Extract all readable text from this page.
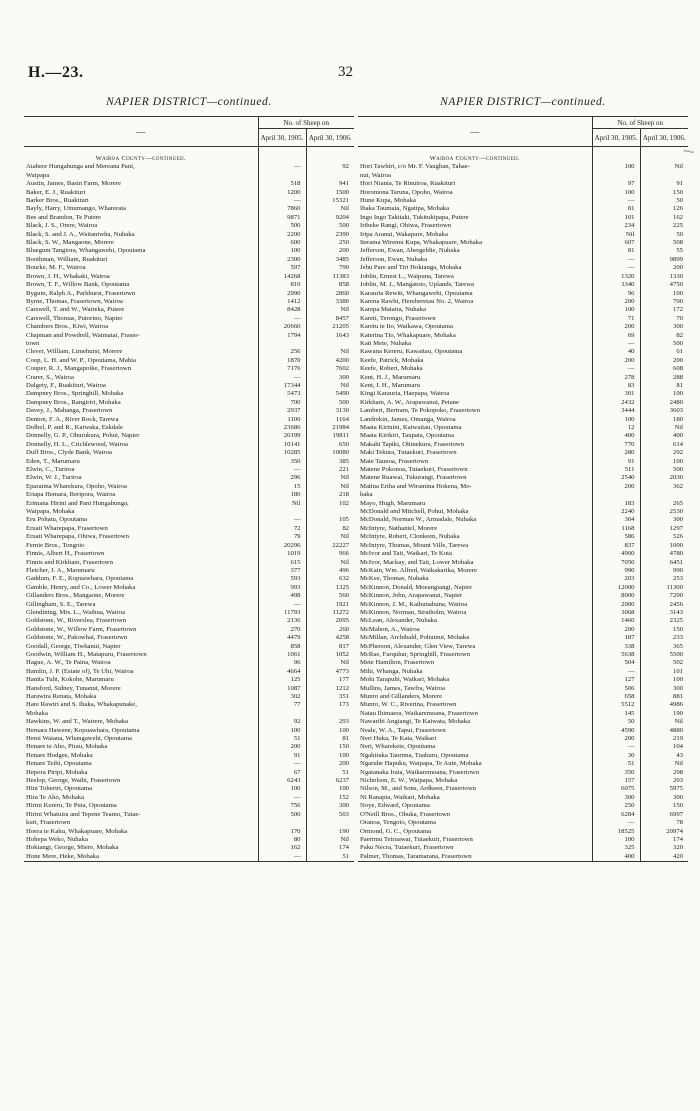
H.—23.	32
~-
NAPIER DISTRICT—continued.
—	No. of Sheep on	
	April 30, 1905.	April 30, 1906.

Wairoa County—continued.		
Atahere Hungahunga and Mereana Pani,	—	92
Waipapa		
Austin, James, Basin Farm, Morere	518	941
Baker, E. J., Ruakituri	1200	1500
Barker Bros., Ruakituri	—	15321
Bayly, Harry, Umumango, Wharerata	7860	Nil
Bee and Brandon, Te Putere	9871	9204
Black, J. S., Orere, Wairoa	500	500
Black, S. and J. A., Waitaniwha, Nuhaka	2200	2390
Black, S. W., Mangaone, Morere	600	250
Bluegum Tangiora, Whangawehi, Opoutama	100	200
Boothman, William, Ruakituri	2300	3485
Bourke, M. F., Wairoa	597	790
Brown, J. H., Whakaki, Wairoa	14268	11383
Brown, T. F., Willow Bank, Opoutama	810	858
Bygum, Ralph A., Parkhurst, Frasertown	2990	2860
Byrne, Thomas, Frasertown, Wairoa	1412	3380
Carswell, T. and W., Waireka, Putere	8428	Nil
Carswell, Thomas, Putorino, Napier	—	8457
Chambers Bros., Kiwi, Wairoa	20660	21205
Chapman and Powdrell, Waimatai, Fraser-	1794	1643
town		
Clever, William, Limehurst, Morere	256	Nil
Coop, L. H. and W. P., Opoutama, Mahia	1870	4200
Couper, R. J., Mangapoike, Frasertown	7176	7602
Crarer, S., Wairoa	—	300
Dalgety, F., Ruakituri, Wairoa	17344	Nil
Dampney Bros., Springhill, Mohaka	5473	5490
Dampney Bros., Rangiriri, Mohaka	700	500
Davey, J., Mahanga, Frasertown	2937	3130
Denton, F. A., River Rock, Tarewa	1100	1164
Dolbel, P. and R., Kaiwaka, Eskdale	23686	21984
Donnelly, G. P., Ohurukura, Pohui, Napier	20199	19811
Donnelly, H. L., Crichlewood, Wairoa	10141	650
Duff Bros., Clyde Bank, Wairoa	10285	10080
Eden, T., Marumaru	350	385
Elwin, C., Turiroa	—	221
Elwin, W. J., Turiroa	296	Nil
Eparaima Wharekura, Opoho, Wairoa	15	Nil
Eriapa Hemara, Reripora, Wairoa	180	218
Erimana Hirini and Pani Hungahunga,	Nil	102
Waipapa, Mohaka		
Eru Pohatu, Opoutama	—	105
Eruati Wharepapa, Frasertown	72	82
Eruati Wharepapa, Ohiwa, Frasertown	79	Nil
Fernie Bros., Tongoio	20296	22227
Finnis, Albert H., Frasertown	1019	966
Finnis and Kirkham, Frasertown	615	Nil
Fletcher, J. A., Marumaru	377	496
Gaddum, F. E., Kopuawhara, Opoutama	593	632
Gamble, Henry, and Co., Lower Mohaka	993	1325
Gillanders Bros., Mangaone, Morere	498	560
Gillingham, S. E., Tarewa	—	1921
Glendining, Mrs. L., Waihua, Wairoa	11793	11272
Goldstone, W., Riverslea, Frasertown	2136	2095
Goldstone, W., Willow Farm, Frasertown	270	260
Goldstone, W., Pakowhai, Frasertown	4479	4258
Goodall, George, Tiwhanui, Napier	858	817
Goodwin, William H., Matapuru, Frasertown	1061	1052
Hague, A. W., Te Paina, Wairoa	96	Nil
Hamlin, J. P. (Estate of), Te Uhi, Wairoa	4664	4773
Hanita Tuhi, Kokohe, Marumaru	125	177
Hansford, Sidney, Tunanui, Morere	1087	1212
Harawira Renata, Mohaka	302	351
Hare Rawiri and S. Ihaka, Whakapunake,	77	173
Mohaka		
Hawkins, W. and T., Wairere, Mohaka	92	293
Hemara Hawene, Kopuawhara, Opoutama	100	100
Hemi Waiana, Whangawehi, Opoutama	51	81
Henare te Aho, Pirau, Mohaka	200	150
Henare Hodges, Mohaka	91	100
Henare Teihi, Opoutama	—	200
Hepora Piripi, Mohaka	67	51
Heslop, George, Waihi, Frasertown	6243	6237
Hini Toheriri, Opoutama	100	100
Hira Te Aho, Mohaka	—	152
Hirini Kereru, Te Puia, Opoutama	756	300
Hirini Whatuira and Tepene Teamo, Tutae-	500	503
kuri, Frasertown		
Hoera te Kahu, Whakapuare, Mohaka	170	190
Hohepa Weko, Nuhaka	80	Nil
Hokiangi, George, Miere, Mohaka	162	174
Hone Mere, Heke, Mohaka	—	51
NAPIER DISTRICT—continued.
—	No. of Sheep on	
	April 30, 1905.	April 30, 1906.

Wairoa County—continued.		
Hori Tawhiri, c/o Mr. F. Vaughan, Tahae-	100	Nil
nui, Wairoa		
Hori Niania, Te Rinuiroa, Ruakituri	97	91
Horomona Taruna, Opoho, Wairoa	100	150
Hune Kupa, Mohaka	—	50
Ihaka Taumata, Ngatipa, Mohaka	81	126
Ingo Ingo Takitaki, Tukitukipapa, Putere	101	162
Iriheke Rangi, Ohiwa, Frasertown	234	225
Iripa Aranui, Wakapure, Mohaka	Nil	50
Iterama Wiremu Kupa, Whakapuare, Mohaka	607	508
Jefferson, Ewan, Abergeldie, Nuhaka	81	55
Jefferson, Ewan, Nuhaka	—	9899
Jehu Pare and Tiri Hokianga, Mohaka	—	200
Joblin, Ernest L., Waipuna, Tarewa	1320	1330
Joblin, M. J., Mangatoto, Uplands, Tarewa	3340	4750
Karauria Rewiti, Whangawehi, Opoutama	96	100
Karena Rawhi, Hereheretau No. 2, Wairoa	200	700
Karepa Mataira, Nuhaka	100	172
Kareti, Terongo, Frasertown	71	70
Karetu te Ito, Waikawa, Opoutama	200	300
Katerina Tio, Whakapuare, Mohaka	69	82
Kati Mete, Nuhaka	—	500
Kawana Kereru, Kawaitau, Opoutama	40	61
Keefe, Patrick, Mohaka	200	200
Keefe, Robert, Mohaka	—	608
Kent, H. J., Marumaru	278	288
Kent, I. H., Marumaru	83	81
Kingi Karauria, Haepapa, Wairoa	301	100
Kirkham, A. W., Arapawanui, Petane	2432	2480
Lambert, Bertram, Te Pokopoko, Frasertown	3444	3603
Landrekin, James, Omanga, Wairoa	100	180
Maata Kirinini, Kaiwaitau, Opoutama	12	Nil
Maata Kirikiri, Taupata, Opoutama	400	400
Makahi Tapiki, Ohinekura, Frasertown	770	614
Maki Tekura, Tutaekuri, Frasertown	280	292
Mate Taunoa, Frasertown	91	100
Matene Pokonoa, Tutaekuri, Frasertown	511	500
Matene Ruawai, Tukurangi, Frasertown	2540	2030
Matina Eriha and Wiramina Hokena, Mo-	200	362
haka		
Mayo, Hugh, Marumaru	183	265
McDonald and Mitchell, Pohui, Mohaka	2240	2530
McDonald, Norman W., Armadale, Nuhaka	304	300
McIntyre, Nathaniel, Morere	1168	1297
McIntyre, Robert, Clonkeen, Nuhaka	586	526
McIntyre, Thomas, Mount Ville, Tarewa	837	1000
McIvor and Tait, Waikari, Te Kuta	4900	4780
McIvor, Mackay, and Tait, Lower Mohaka	7050	6451
McKain, Wm. Alfred, Waikakarika, Morere	990	990
McKee, Thomas, Nuhaka	203	253
McKinnon, Donald, Moeangiangi, Napier	12000	11300
McKinnon, John, Arapawanui, Napier	8000	7200
McKinnon, J. M., Kaihunahuna, Wairoa	2900	2456
McKinnon, Norman, Stratholm, Wairoa	3068	3143
McLean, Alexander, Nuhaka	1460	2325
McMahon, A., Wairoa	200	150
McMillan, Archibald, Pohuinui, Mohaka	187	233
McPherson, Alexander, Glen View, Tarewa	338	365
McRae, Farquhar, Springhill, Frasertown	5638	5500
Mete Hamilton, Frasertown	504	502
Mihi, Whanga, Nuhaka	—	101
Mohi Tarapuhi, Waikari, Mohaka	127	100
Mullins, James, Tawfra, Wairoa	506	300
Munro and Gillanders, Morere	658	881
Munro, W. C., Riverina, Frasertown	5512	4986
Natau Ihimaera, Waikaremoana, Frasertown	145	190
Nawaribi Angiangi, Te Kaiwata, Mohaka	50	Nil
Neale, W. A., Tapui, Frasertown	4590	4880
Neri Huka, Te Kata, Waikari	200	219
Neri, Wharekete, Opoutama	—	104
Ngahiraka Taurima, Tuahuru, Opoutama	30	43
Ngaruhe Hapuku, Waipapa, Te Aute, Mohaka	51	Nil
Ngatanaka Iraia, Waikaremoana, Frasertown	350	298
Nicholson, E. W., Waipapa, Mohaka	157	203
Nilson, M., and Sons, Ardkeen, Frasertown	6075	5975
Ni Ranapia, Waikari, Mohaka	300	300
Noye, Edward, Opoutama	250	150
O'Neill Bros., Ohuka, Frasertown	6284	6997
Oranoa, Tengoio, Opoutama	—	78
Ormond, G. C., Opoutama	18525	20974
Paerimu Teiruawai, Tutaekuri, Frasertown	100	174
Paku Necra, Tutaekuri, Frasertown	325	320
Palmer, Thomas, Taramarana, Frasertown	400	420
